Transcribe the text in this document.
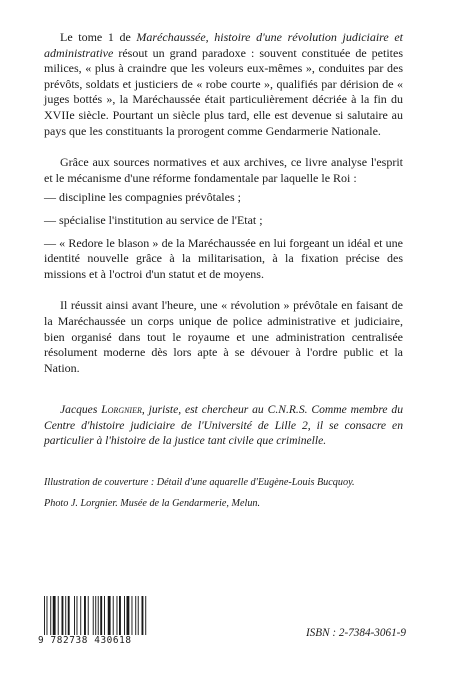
Le tome 1 de Maréchaussée, histoire d'une révolution judiciaire et administrative résout un grand paradoxe : souvent constituée de petites milices, « plus à craindre que les voleurs eux-mêmes », conduites par des prévôts, soldats et justiciers de « robe courte », qualifiés par dérision de « juges bottés », la Maréchaussée était particulièrement décriée à la fin du XVIIe siècle. Pourtant un siècle plus tard, elle est devenue si salutaire au pays que les constituants la prorogent comme Gendarmerie Nationale.

Grâce aux sources normatives et aux archives, ce livre analyse l'esprit et le mécanisme d'une réforme fondamentale par laquelle le Roi :

— discipline les compagnies prévôtales ;

— spécialise l'institution au service de l'Etat ;

— « Redore le blason » de la Maréchaussée en lui forgeant un idéal et une identité nouvelle grâce à la militarisation, à la fixation précise des missions et à l'octroi d'un statut et de moyens.

Il réussit ainsi avant l'heure, une « révolution » prévôtale en faisant de la Maréchaussée un corps unique de police administrative et judiciaire, bien organisé dans tout le royaume et une administration centralisée résolument moderne dès lors apte à se dévouer à l'ordre public et la Nation.

Jacques Lorgnier, juriste, est chercheur au C.N.R.S. Comme membre du Centre d'histoire judiciaire de l'Université de Lille 2, il se consacre en particulier à l'histoire de la justice tant civile que criminelle.

Illustration de couverture : Détail d'une aquarelle d'Eugène-Louis Bucquoy.

Photo J. Lorgnier. Musée de la Gendarmerie, Melun.

9 782738 430618
ISBN : 2-7384-3061-9
